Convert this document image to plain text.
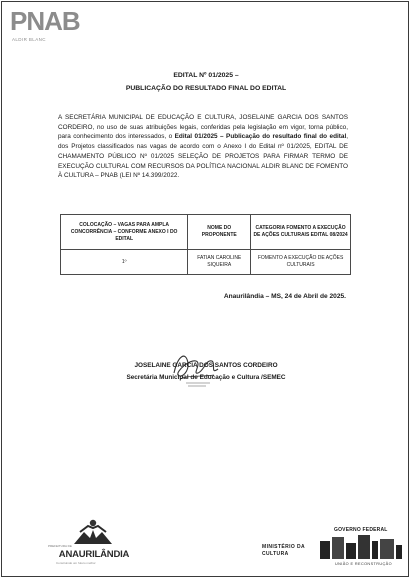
PNAB
ALDIR BLANC
EDITAL Nº 01/2025 –
PUBLICAÇÃO DO RESULTADO FINAL DO EDITAL
A SECRETÁRIA MUNICIPAL DE EDUCAÇÃO E CULTURA, JOSELAINE GARCIA DOS SANTOS CORDEIRO, no uso de suas atribuições legais, conferidas pela legislação em vigor, torna público, para conhecimento dos interessados, o Edital 01/2025 – Publicação do resultado final do edital, dos Projetos classificados nas vagas de acordo com o Anexo I do Edital nº 01/2025, EDITAL DE CHAMAMENTO PÚBLICO Nº 01/2025 SELEÇÃO DE PROJETOS PARA FIRMAR TERMO DE EXECUÇÃO CULTURAL COM RECURSOS DA POLÍTICA NACIONAL ALDIR BLANC DE FOMENTO À CULTURA – PNAB (LEI Nº 14.399/2022.
COLOCAÇÃO – VAGAS PARA AMPLA CONCORRÊNCIA – CONFORME ANEXO I DO EDITAL	NOME DO PROPONENTE	CATEGORIA FOMENTO A EXECUÇÃO DE AÇÕES CULTURAIS EDITAL 08/2024
1º	FATIAN CAROLINE SIQUEIRA	FOMENTO A EXECUÇÃO DE AÇÕES CULTURAIS
Anaurilândia – MS, 24 de Abril de 2025.
JOSELAINE GARCIA DOS SANTOS CORDEIRO
Secretária Municipal de Educação e Cultura /SEMEC
PREFEITURA DE
ANAURILÂNDIA
Construindo um futuro melhor
MINISTÉRIO DA
CULTURA
GOVERNO FEDERAL
UNIÃO E RECONSTRUÇÃO
